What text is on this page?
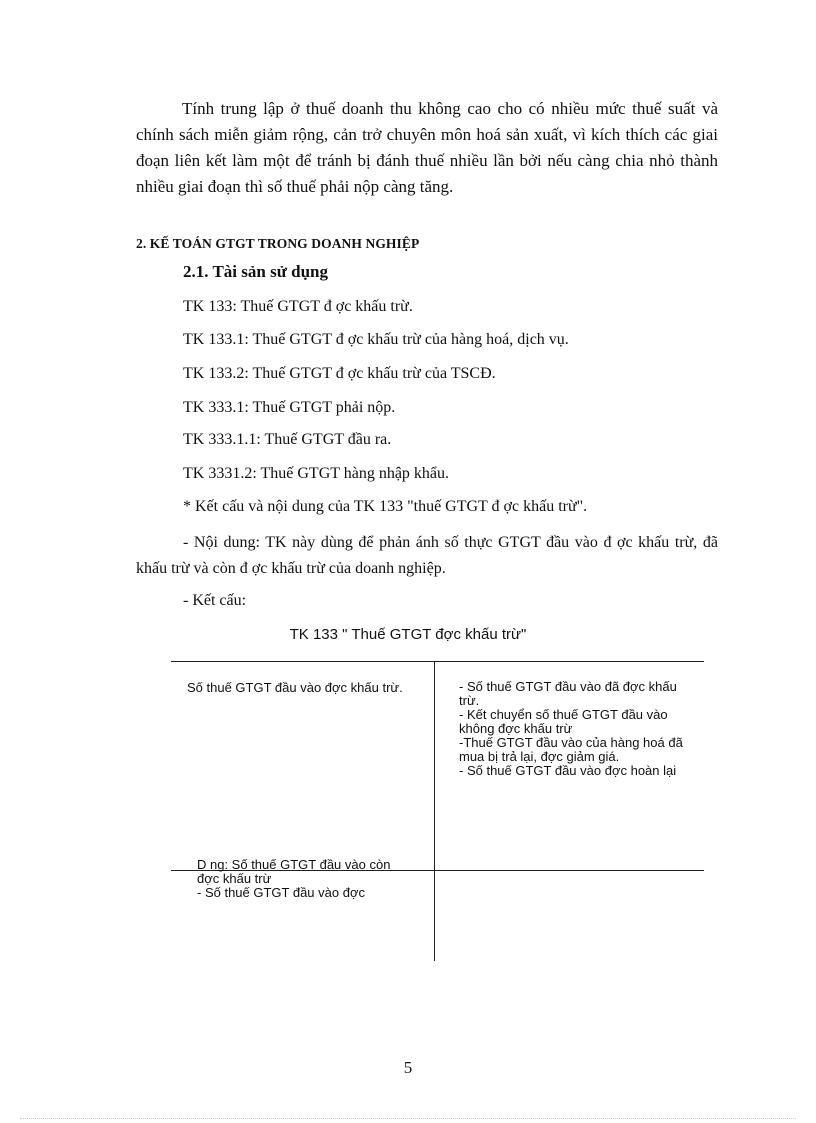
Tính trung lập ở thuế doanh thu không cao cho có nhiều mức thuế suất và chính sách miễn giảm rộng, cản trở chuyên môn hoá sản xuất, vì kích thích các giai đoạn liên kết làm một để tránh bị đánh thuế nhiều lần bởi nếu càng chia nhỏ thành nhiều giai đoạn thì số thuế phải nộp càng tăng.

2. KẾ TOÁN GTGT TRONG DOANH NGHIỆP

2.1. Tài sản sử dụng

TK 133: Thuế GTGT đ ợc khấu trừ.

TK 133.1: Thuế GTGT đ ợc khấu trừ của hàng hoá, dịch vụ.

TK 133.2: Thuế GTGT đ ợc khấu trừ của TSCĐ.

TK 333.1: Thuế GTGT phải nộp.

TK 333.1.1: Thuế GTGT đầu ra.

TK 3331.2: Thuế GTGT hàng nhập khẩu.

* Kết cấu và nội dung của TK 133 "thuế GTGT đ ợc khấu trừ".

- Nội dung: TK này dùng để phản ánh số thực GTGT đầu vào đ ợc khấu trừ, đã khấu trừ và còn đ ợc khấu trừ của doanh nghiệp.

- Kết cấu:

TK 133 " Thuế GTGT đợc khấu trừ"

Số thuế GTGT đầu vào đợc khấu trừ.	- Số thuế GTGT đầu vào đã đợc khấu trừ.
- Kết chuyển số thuế GTGT đầu vào không đợc khấu trừ
-Thuế GTGT đầu vào của hàng hoá đã mua bị trả lại, đợc giảm giá.
- Số thuế GTGT đầu vào đợc hoàn lại
D ng: Số thuế GTGT đầu vào còn đợc khấu trừ
- Số thuế GTGT đầu vào đợc

5
